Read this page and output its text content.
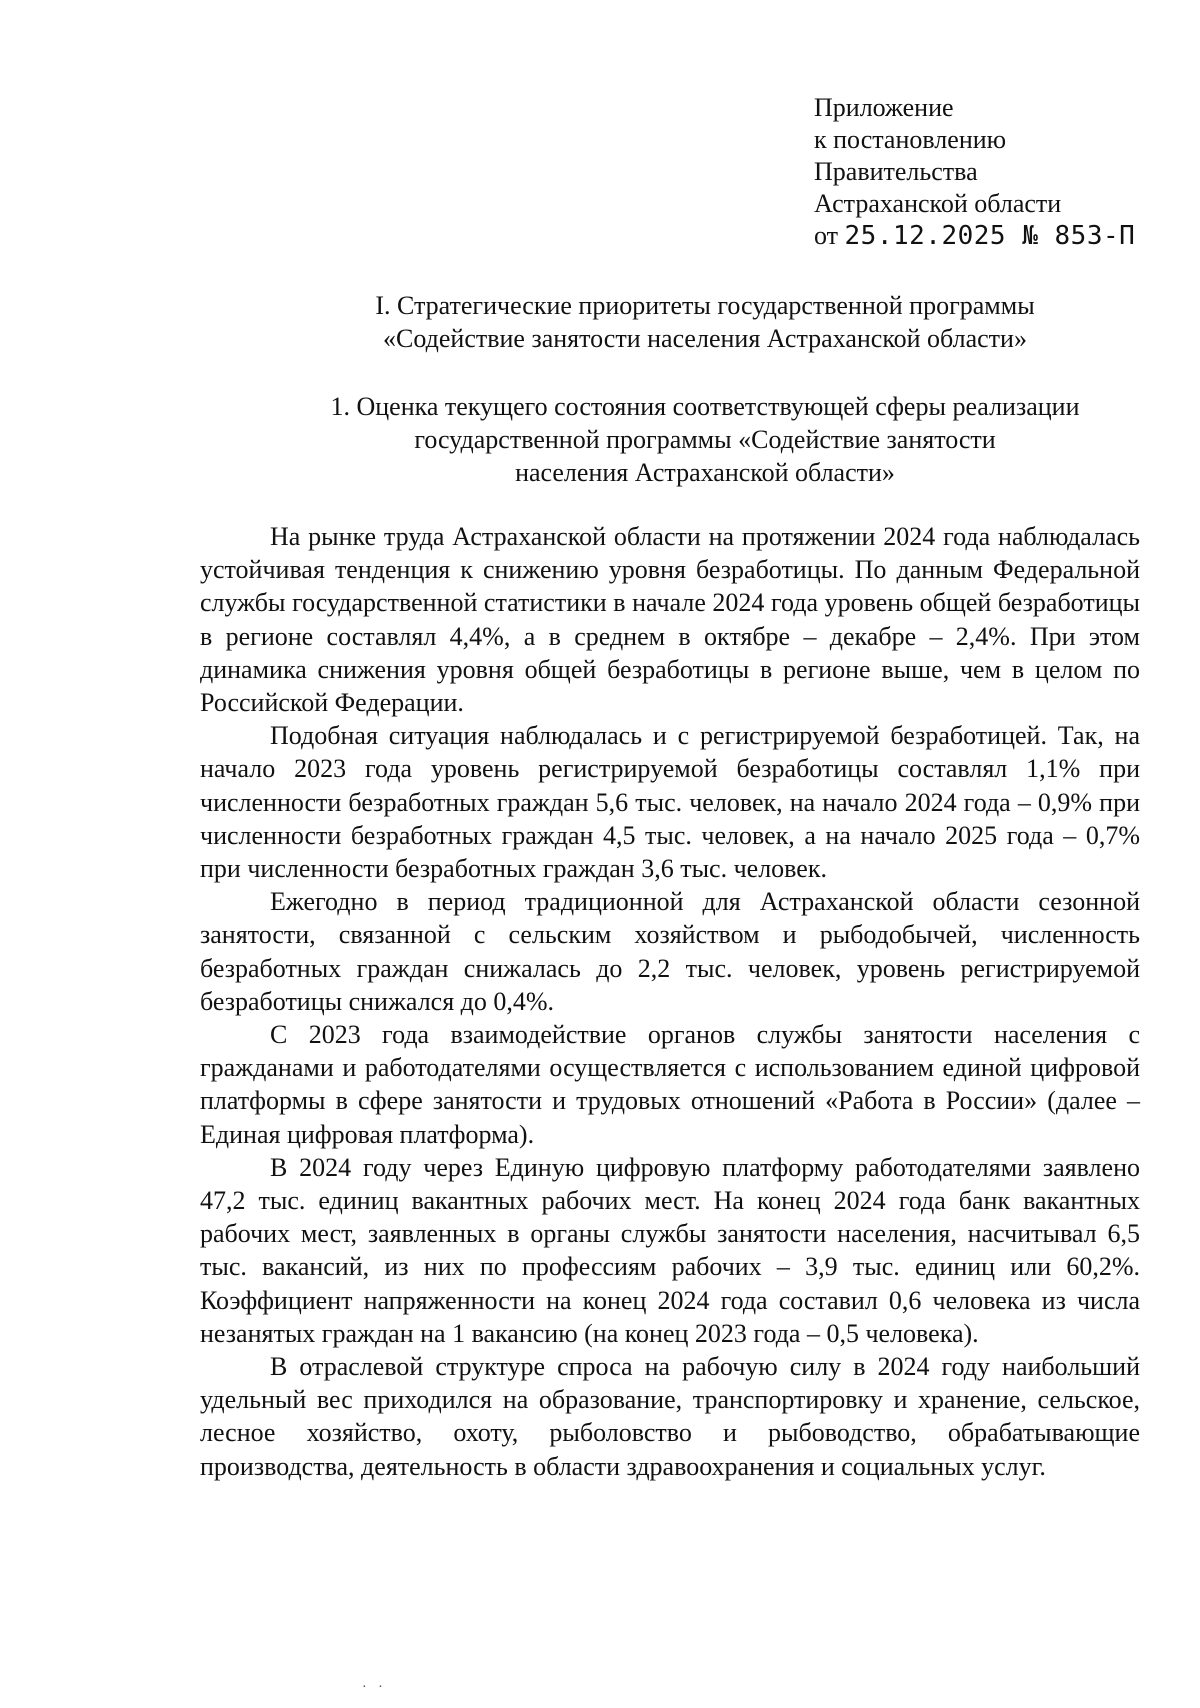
Приложение
к постановлению
Правительства
Астраханской области
от 25.12.2025 № 853-П
I. Стратегические приоритеты государственной программы
«Содействие занятости населения Астраханской области»
1. Оценка текущего состояния соответствующей сферы реализации
государственной программы «Содействие занятости
населения Астраханской области»

На рынке труда Астраханской области на протяжении 2024 года наблюдалась устойчивая тенденция к снижению уровня безработицы. По данным Федеральной службы государственной статистики в начале 2024 года уровень общей безработицы в регионе составлял 4,4%, а в среднем в октябре – декабре – 2,4%. При этом динамика снижения уровня общей безработицы в регионе выше, чем в целом по Российской Федерации.

Подобная ситуация наблюдалась и с регистрируемой безработицей. Так, на начало 2023 года уровень регистрируемой безработицы составлял 1,1% при численности безработных граждан 5,6 тыс. человек, на начало 2024 года – 0,9% при численности безработных граждан 4,5 тыс. человек, а на начало 2025 года – 0,7% при численности безработных граждан 3,6 тыс. человек.

Ежегодно в период традиционной для Астраханской области сезонной занятости, связанной с сельским хозяйством и рыбодобычей, численность безработных граждан снижалась до 2,2 тыс. человек, уровень регистрируемой безработицы снижался до 0,4%.

С 2023 года взаимодействие органов службы занятости населения с гражданами и работодателями осуществляется с использованием единой цифровой платформы в сфере занятости и трудовых отношений «Работа в России» (далее – Единая цифровая платформа).

В 2024 году через Единую цифровую платформу работодателями заявлено 47,2 тыс. единиц вакантных рабочих мест. На конец 2024 года банк вакантных рабочих мест, заявленных в органы службы занятости населения, насчитывал 6,5 тыс. вакансий, из них по профессиям рабочих – 3,9 тыс. единиц или 60,2%. Коэффициент напряженности на конец 2024 года составил 0,6 человека из числа незанятых граждан на 1 вакансию (на конец 2023 года – 0,5 человека).

В отраслевой структуре спроса на рабочую силу в 2024 году наибольший удельный вес приходился на образование, транспортировку и хранение, сельское, лесное хозяйство, охоту, рыболовство и рыбоводство, обрабатывающие производства, деятельность в области здравоохранения и социальных услуг.

· ·
